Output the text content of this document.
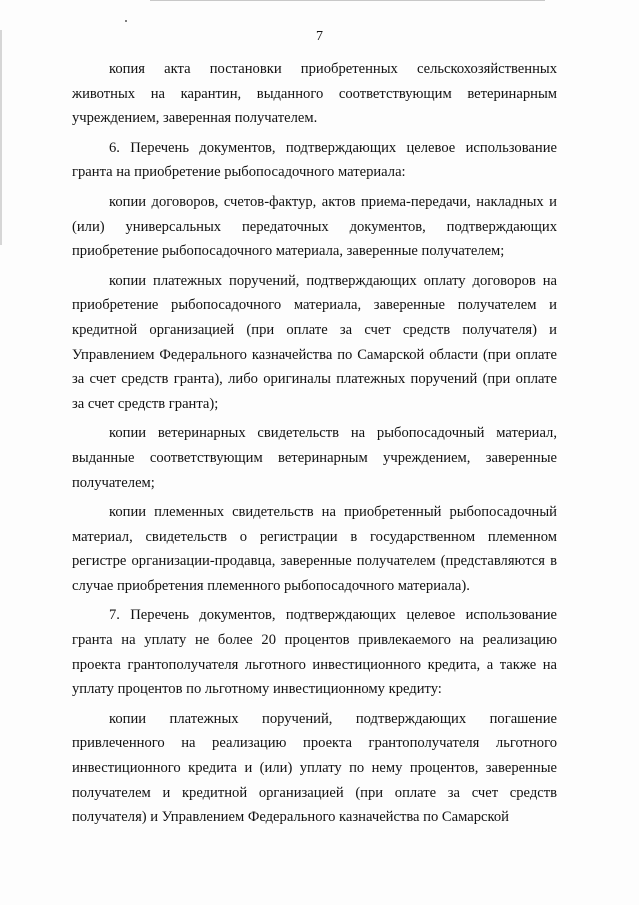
7

копия акта постановки приобретенных сельскохозяйственных животных на карантин, выданного соответствующим ветеринарным учреждением, заверенная получателем.

6. Перечень документов, подтверждающих целевое использование гранта на приобретение рыбопосадочного материала:

копии договоров, счетов-фактур, актов приема-передачи, накладных и (или) универсальных передаточных документов, подтверждающих приобретение рыбопосадочного материала, заверенные получателем;

копии платежных поручений, подтверждающих оплату договоров на приобретение рыбопосадочного материала, заверенные получателем и кредитной организацией (при оплате за счет средств получателя) и Управлением Федерального казначейства по Самарской области (при оплате за счет средств гранта), либо оригиналы платежных поручений (при оплате за счет средств гранта);

копии ветеринарных свидетельств на рыбопосадочный материал, выданные соответствующим ветеринарным учреждением, заверенные получателем;

копии племенных свидетельств на приобретенный рыбопосадочный материал, свидетельств о регистрации в государственном племенном регистре организации-продавца, заверенные получателем (представляются в случае приобретения племенного рыбопосадочного материала).

7. Перечень документов, подтверждающих целевое использование гранта на уплату не более 20 процентов привлекаемого на реализацию проекта грантополучателя льготного инвестиционного кредита, а также на уплату процентов по льготному инвестиционному кредиту:

копии платежных поручений, подтверждающих погашение привлеченного на реализацию проекта грантополучателя льготного инвестиционного кредита и (или) уплату по нему процентов, заверенные получателем и кредитной организацией (при оплате за счет средств получателя) и Управлением Федерального казначейства по Самарской
